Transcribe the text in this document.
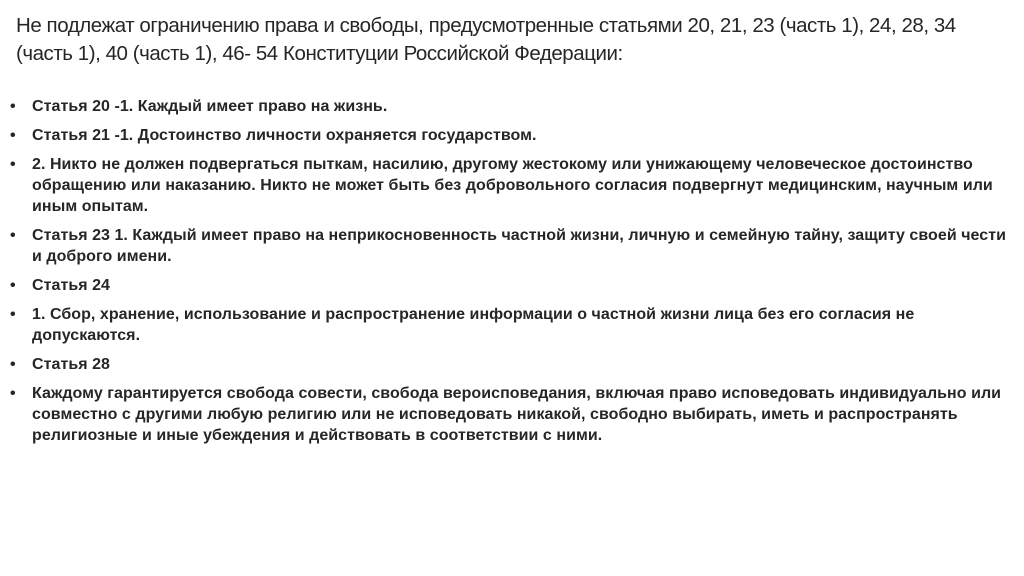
Не подлежат ограничению права и свободы, предусмотренные статьями 20, 21, 23 (часть 1), 24, 28, 34 (часть 1), 40 (часть 1), 46- 54 Конституции Российской Федерации:
•	Статья 20 -1. Каждый имеет право на жизнь.
•	Статья 21 -1. Достоинство личности охраняется государством.
•	2. Никто не должен подвергаться пыткам, насилию, другому жестокому или унижающему человеческое достоинство обращению или наказанию. Никто не может быть без добровольного согласия подвергнут медицинским, научным или иным опытам.
•	Статья 23 1. Каждый имеет право на неприкосновенность частной жизни, личную и семейную тайну, защиту своей чести и доброго имени.
•	Статья 24
•	1. Сбор, хранение, использование и распространение информации о частной жизни лица без его согласия не допускаются.
•	Статья 28
•	Каждому гарантируется свобода совести, свобода вероисповедания, включая право исповедовать индивидуально или совместно с другими любую религию или не исповедовать никакой, свободно выбирать, иметь и распространять религиозные и иные убеждения и действовать в соответствии с ними.
